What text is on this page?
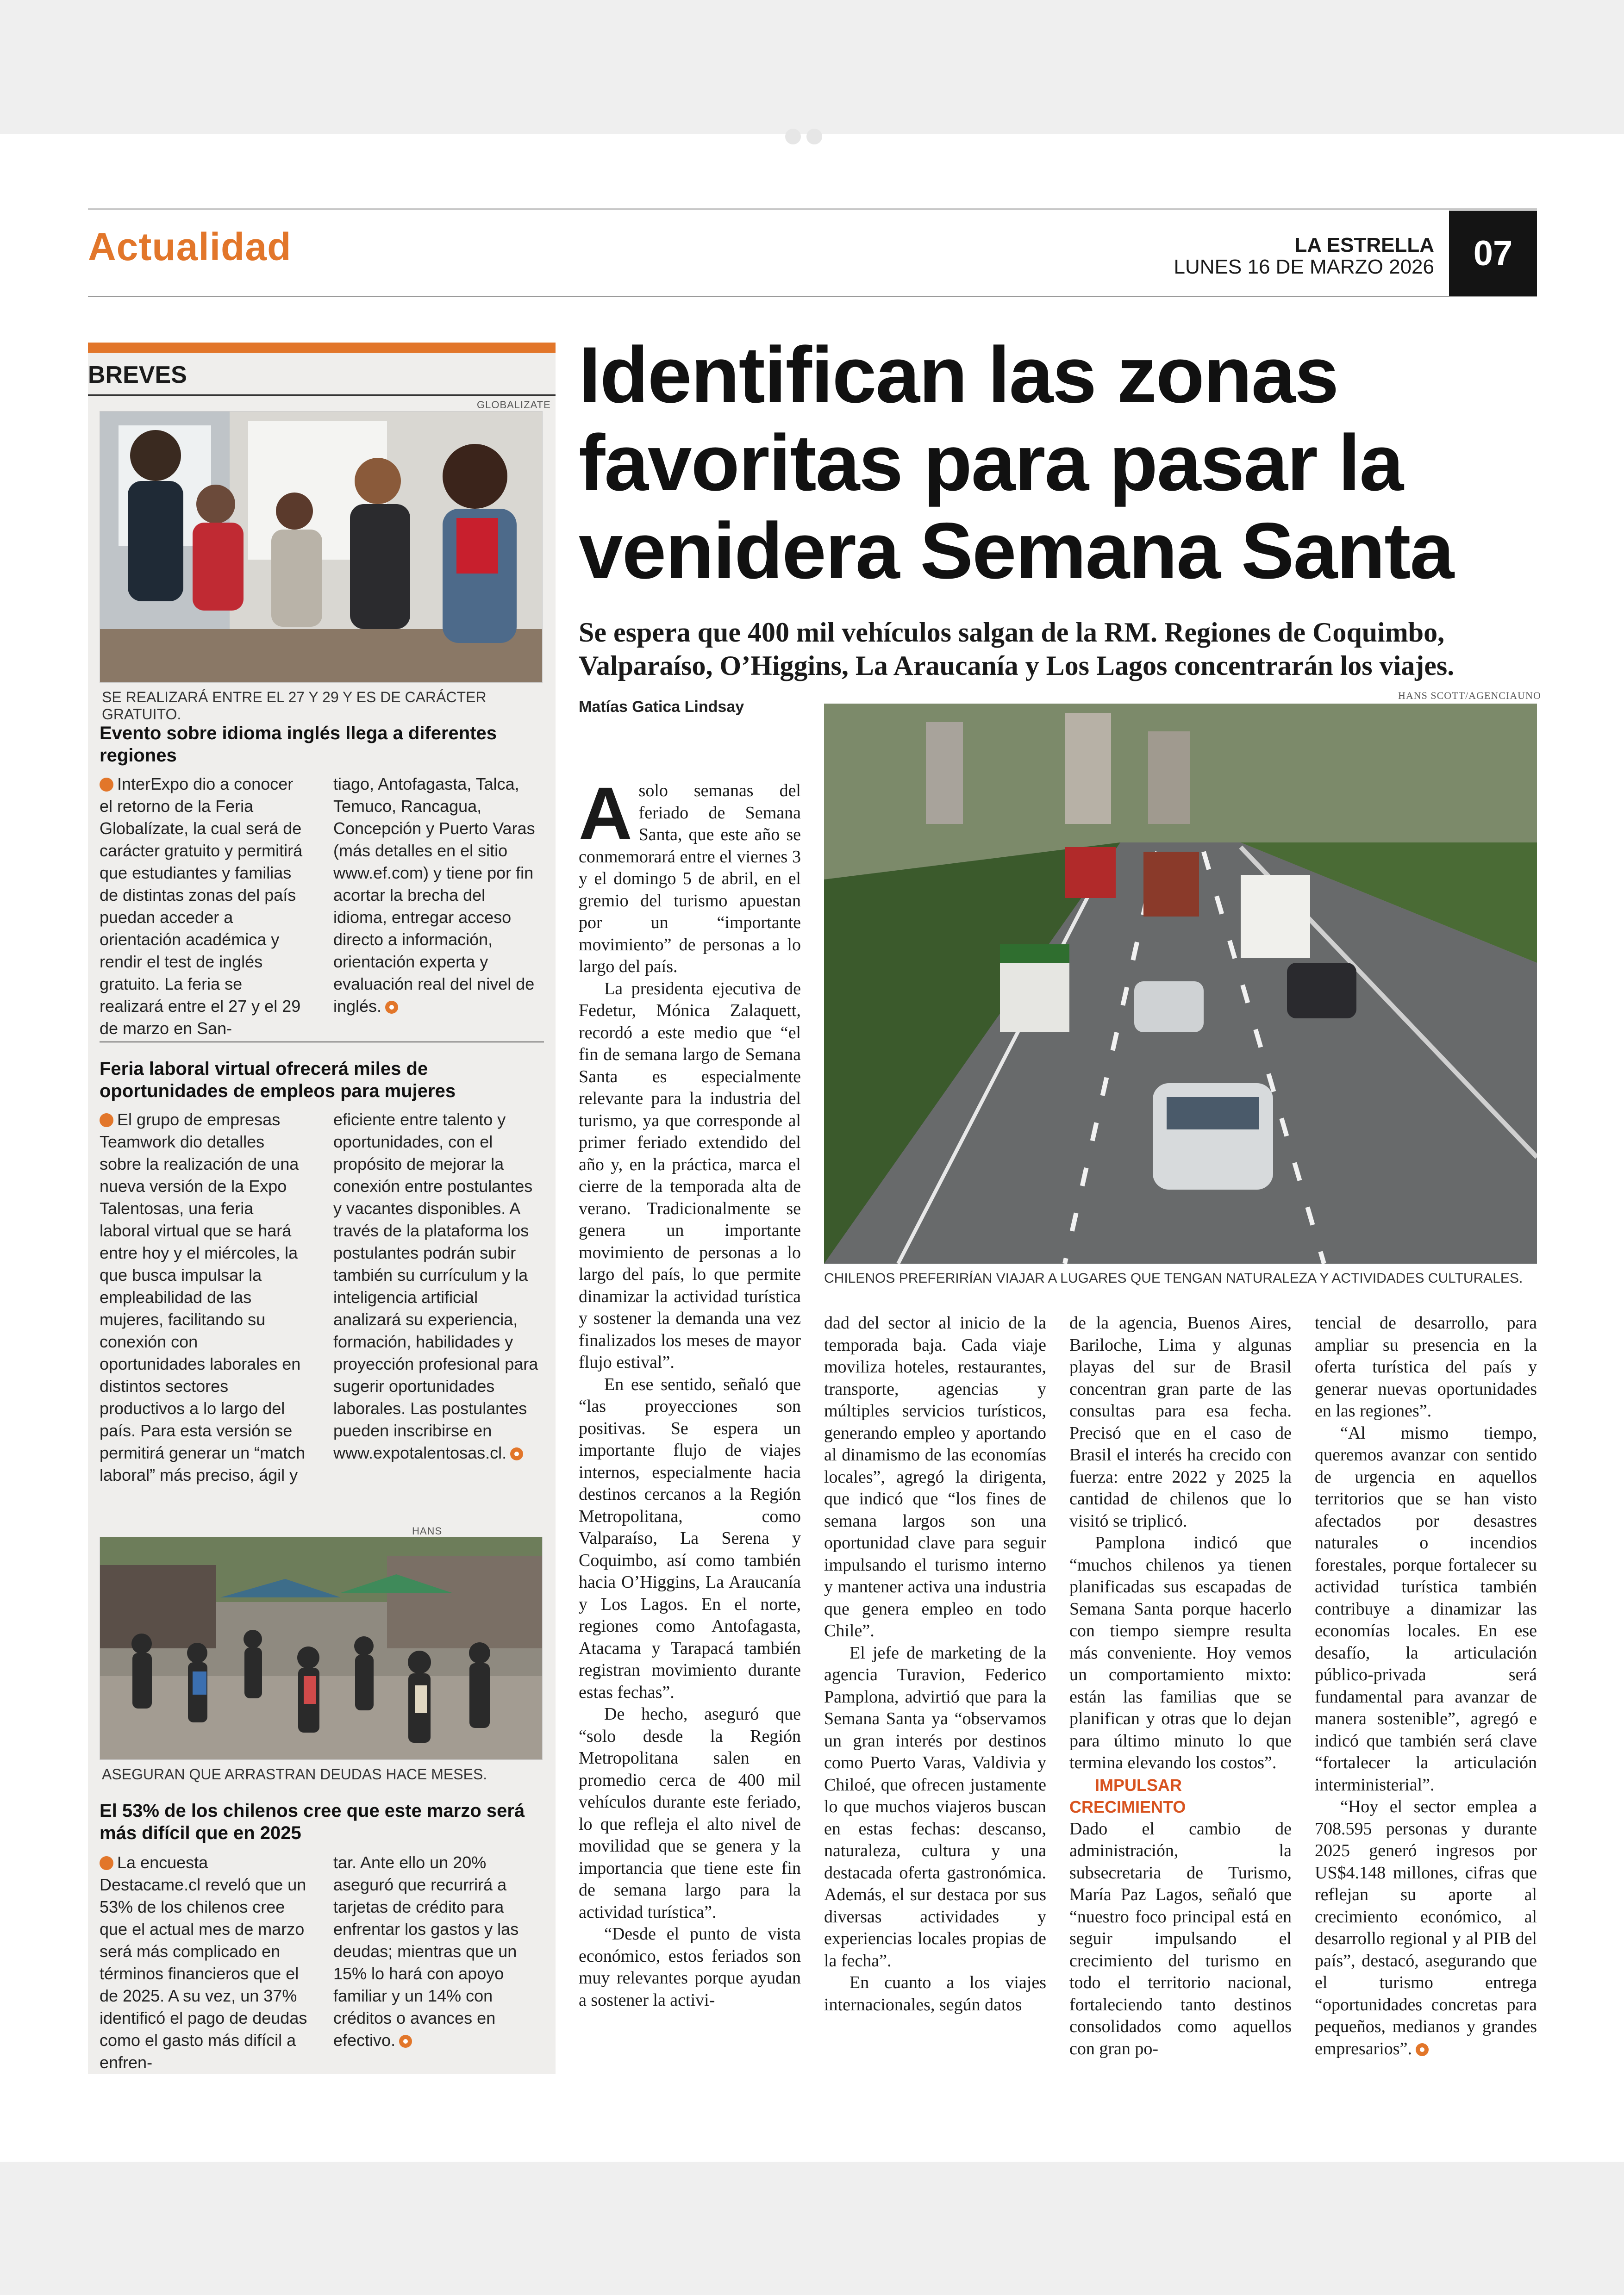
Actualidad	LA ESTRELLA
LUNES 16 DE MARZO 2026	07
BREVES
GLOBALIZATE
SE REALIZARÁ ENTRE EL 27 Y 29 Y ES DE CARÁCTER GRATUITO.
Evento sobre idioma inglés llega a diferentes regiones
InterExpo dio a conocer el retorno de la Feria Globalízate, la cual será de carácter gratuito y permitirá que estudiantes y familias de distintas zonas del país puedan acceder a orientación académica y rendir el test de inglés gratuito. La feria se realizará entre el 27 y el 29 de marzo en San-
tiago, Antofagasta, Talca, Temuco, Rancagua, Concepción y Puerto Varas (más detalles en el sitio www.ef.com) y tiene por fin acortar la brecha del idioma, entregar acceso directo a información, orientación experta y evaluación real del nivel de inglés.
Feria laboral virtual ofrecerá miles de oportunidades de empleos para mujeres
El grupo de empresas Teamwork dio detalles sobre la realización de una nueva versión de la Expo Talentosas, una feria laboral virtual que se hará entre hoy y el miércoles, la que busca impulsar la empleabilidad de las mujeres, facilitando su conexión con oportunidades laborales en distintos sectores productivos a lo largo del país. Para esta versión se permitirá generar un “match laboral” más preciso, ágil y
eficiente entre talento y oportunidades, con el propósito de mejorar la conexión entre postulantes y vacantes disponibles. A través de la plataforma los postulantes podrán subir también su currículum y la inteligencia artificial analizará su experiencia, formación, habilidades y proyección profesional para sugerir oportunidades laborales. Las postulantes pueden inscribirse en www.expotalentosas.cl.
HANS
ASEGURAN QUE ARRASTRAN DEUDAS HACE MESES.
El 53% de los chilenos cree que este marzo será más difícil que en 2025
La encuesta Destacame.cl reveló que un 53% de los chilenos cree que el actual mes de marzo será más complicado en términos financieros que el de 2025. A su vez, un 37% identificó el pago de deudas como el gasto más difícil a enfren-
tar. Ante ello un 20% aseguró que recurrirá a tarjetas de crédito para enfrentar los gastos y las deudas; mientras que un 15% lo hará con apoyo familiar y un 14% con créditos o avances en efectivo.
Identifican las zonas favoritas para pasar la venidera Semana Santa
Se espera que 400 mil vehículos salgan de la RM. Regiones de Coquimbo, Valparaíso, O’Higgins, La Araucanía y Los Lagos concentrarán los viajes.
HANS SCOTT/AGENCIAUNO
Matías Gatica Lindsay
CHILENOS PREFERIRÍAN VIAJAR A LUGARES QUE TENGAN NATURALEZA Y ACTIVIDADES CULTURALES.

Asolo semanas del feriado de Semana Santa, que este año se conmemorará entre el viernes 3 y el domingo 5 de abril, en el gremio del turismo apuestan por un “importante movimiento” de personas a lo largo del país.

La presidenta ejecutiva de Fedetur, Mónica Zalaquett, recordó a este medio que “el fin de semana largo de Semana Santa es especialmente relevante para la industria del turismo, ya que corresponde al primer feriado extendido del año y, en la práctica, marca el cierre de la temporada alta de verano. Tradicionalmente se genera un importante movimiento de personas a lo largo del país, lo que permite dinamizar la actividad turística y sostener la demanda una vez finalizados los meses de mayor flujo estival”.

En ese sentido, señaló que “las proyecciones son positivas. Se espera un importante flujo de viajes internos, especialmente hacia destinos cercanos a la Región Metropolitana, como Valparaíso, La Serena y Coquimbo, así como también hacia O’Higgins, La Araucanía y Los Lagos. En el norte, regiones como Antofagasta, Atacama y Tarapacá también registran movimiento durante estas fechas”.

De hecho, aseguró que “solo desde la Región Metropolitana salen en promedio cerca de 400 mil vehículos durante este feriado, lo que refleja el alto nivel de movilidad que se genera y la importancia que tiene este fin de semana largo para la actividad turística”.

“Desde el punto de vista económico, estos feriados son muy relevantes porque ayudan a sostener la activi-

dad del sector al inicio de la temporada baja. Cada viaje moviliza hoteles, restaurantes, transporte, agencias y múltiples servicios turísticos, generando empleo y aportando al dinamismo de las economías locales”, agregó la dirigenta, que indicó que “los fines de semana largos son una oportunidad clave para seguir impulsando el turismo interno y mantener activa una industria que genera empleo en todo Chile”.

El jefe de marketing de la agencia Turavion, Federico Pamplona, advirtió que para la Semana Santa ya “observamos un gran interés por destinos como Puerto Varas, Valdivia y Chiloé, que ofrecen justamente lo que muchos viajeros buscan en estas fechas: descanso, naturaleza, cultura y una destacada oferta gastronómica. Además, el sur destaca por sus diversas actividades y experiencias locales propias de la fecha”.

En cuanto a los viajes internacionales, según datos

de la agencia, Buenos Aires, Bariloche, Lima y algunas playas del sur de Brasil concentran gran parte de las consultas para esa fecha. Precisó que en el caso de Brasil el interés ha crecido con fuerza: entre 2022 y 2025 la cantidad de chilenos que lo visitó se triplicó.

Pamplona indicó que “muchos chilenos ya tienen planificadas sus escapadas de Semana Santa porque hacerlo con tiempo siempre resulta más conveniente. Hoy vemos un comportamiento mixto: están las familias que se planifican y otras que lo dejan para último minuto lo que termina elevando los costos”.

IMPULSAR CRECIMIENTO

Dado el cambio de administración, la subsecretaria de Turismo, María Paz Lagos, señaló que “nuestro foco principal está en seguir impulsando el crecimiento del turismo en todo el territorio nacional, fortaleciendo tanto destinos consolidados como aquellos con gran po-

tencial de desarrollo, para ampliar su presencia en la oferta turística del país y generar nuevas oportunidades en las regiones”.

“Al mismo tiempo, queremos avanzar con sentido de urgencia en aquellos territorios que se han visto afectados por desastres naturales o incendios forestales, porque fortalecer su actividad turística también contribuye a dinamizar las economías locales. En ese desafío, la articulación público-privada será fundamental para avanzar de manera sostenible”, agregó e indicó que también será clave “fortalecer la articulación interministerial”.

“Hoy el sector emplea a 708.595 personas y durante 2025 generó ingresos por US$4.148 millones, cifras que reflejan su aporte al crecimiento económico, al desarrollo regional y al PIB del país”, destacó, asegurando que el turismo entrega “oportunidades concretas para pequeños, medianos y grandes empresarios”.
